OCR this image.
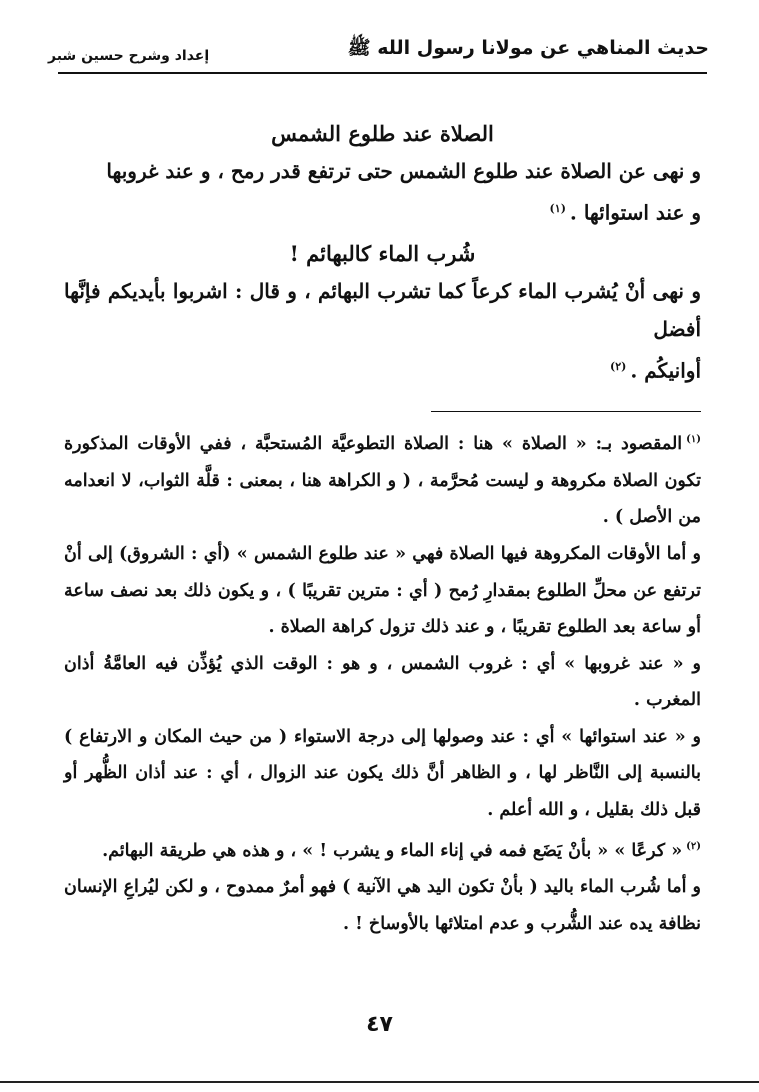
حديث المناهي عن مولانا رسول الله ﷺ
إعداد وشرح حسين شبر
الصلاة عند طلوع الشمس

و نهى عن الصلاة عند طلوع الشمس حتى ترتفع قدر رمح ، و عند غروبها
و عند استوائها .$^{(١)}$

شُرب الماء كالبهائم !

و نهى أنْ يُشرب الماء كرعاً كما تشرب البهائم ، و قال : اشربوا بأيديكم فإنَّها أفضل
أوانيكُم .$^{(٢)}$

$^{(١)}$المقصود بـ: « الصلاة » هنا : الصلاة التطوعيَّة المُستحبَّة ، ففي الأوقات المذكورة تكون الصلاة مكروهة و ليست مُحرَّمة ، ( و الكراهة هنا ، بمعنى : قلَّة الثواب، لا انعدامه من الأصل ) .

و أما الأوقات المكروهة فيها الصلاة فهي « عند طلوع الشمس » (أي : الشروق) إلى أنْ ترتفع عن محلِّ الطلوع بمقدارِ رُمح ( أي : مترين تقريبًا ) ، و يكون ذلك بعد نصف ساعة أو ساعة بعد الطلوع تقريبًا ، و عند ذلك تزول كراهة الصلاة .

و « عند غروبها » أي : غروب الشمس ، و هو : الوقت الذي يُؤذِّن فيه العامَّةُ أذان المغرب .

و « عند استوائها » أي : عند وصولها إلى درجة الاستواء ( من حيث المكان و الارتفاع ) بالنسبة إلى النَّاظر لها ، و الظاهر أنَّ ذلك يكون عند الزوال ، أي : عند أذان الظُّهر أو قبل ذلك بقليل ، و الله أعلم .

$^{(٢)}$« كرعًا » « بأنْ يَضَع فمه في إناء الماء و يشرب ! » ، و هذه هي طريقة البهائم.

و أما شُرب الماء باليد ( بأنْ تكون اليد هي الآنية ) فهو أمرٌ ممدوح ، و لكن ليُراعِ الإنسان نظافة يده عند الشُّرب و عدم امتلائها بالأوساخ ! .

٤٧
